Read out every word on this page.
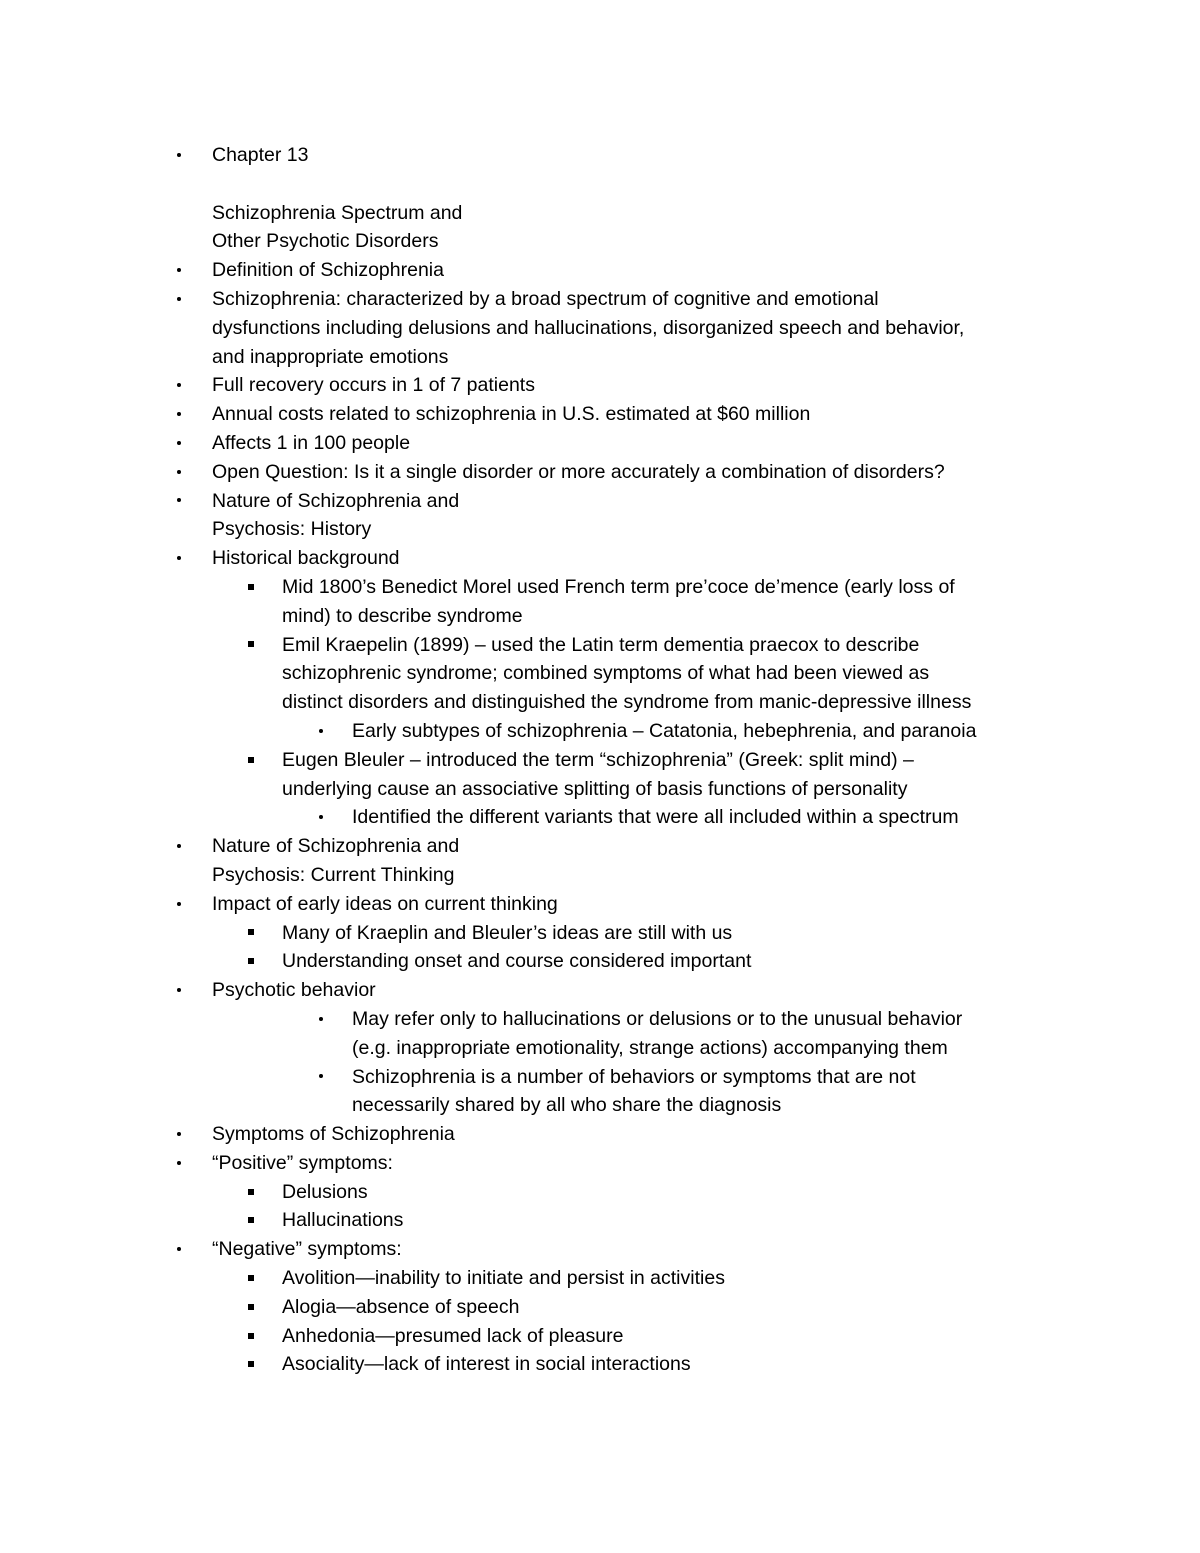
Chapter 13
Schizophrenia Spectrum and
Other Psychotic Disorders
Definition of Schizophrenia
Schizophrenia: characterized by a broad spectrum of cognitive and emotional
dysfunctions including delusions and hallucinations, disorganized speech and behavior,
and inappropriate emotions
Full recovery occurs in 1 of 7 patients
Annual costs related to schizophrenia in U.S. estimated at $60 million
Affects 1 in 100 people
Open Question: Is it a single disorder or more accurately a combination of disorders?
Nature of Schizophrenia and
Psychosis: History
Historical background
Mid 1800’s Benedict Morel used French term pre’coce de’mence (early loss of
mind) to describe syndrome
Emil Kraepelin (1899) – used the Latin term dementia praecox to describe
schizophrenic syndrome; combined symptoms of what had been viewed as
distinct disorders and distinguished the syndrome from manic-depressive illness
Early subtypes of schizophrenia – Catatonia, hebephrenia, and paranoia
Eugen Bleuler – introduced the term “schizophrenia” (Greek: split mind) –
underlying cause an associative splitting of basis functions of personality
Identified the different variants that were all included within a spectrum
Nature of Schizophrenia and
Psychosis: Current Thinking
Impact of early ideas on current thinking
Many of Kraeplin and Bleuler’s ideas are still with us
Understanding onset and course considered important
Psychotic behavior
May refer only to hallucinations or delusions or to the unusual behavior
(e.g. inappropriate emotionality, strange actions) accompanying them
Schizophrenia is a number of behaviors or symptoms that are not
necessarily shared by all who share the diagnosis
Symptoms of Schizophrenia
“Positive” symptoms:
Delusions
Hallucinations
“Negative” symptoms:
Avolition—inability to initiate and persist in activities
Alogia—absence of speech
Anhedonia—presumed lack of pleasure
Asociality—lack of interest in social interactions
